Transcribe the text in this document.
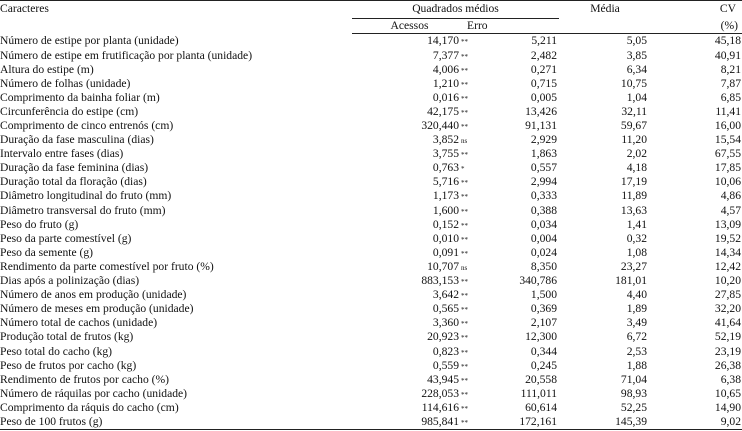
Caracteres	Quadrados médios		Média	CV
	Acessos	Erro		(%)
Número de estipe por planta (unidade)	14,170 **	5,211	5,05	45,18
Número de estipe em frutificação por planta (unidade)	7,377 **	2,482	3,85	40,91
Altura do estipe (m)	4,006 **	0,271	6,34	8,21
Número de folhas (unidade)	1,210 **	0,715	10,75	7,87
Comprimento da bainha foliar (m)	0,016 **	0,005	1,04	6,85
Circunferência do estipe (cm)	42,175 **	13,426	32,11	11,41
Comprimento de cinco entrenós (cm)	320,440 **	91,131	59,67	16,00
Duração da fase masculina (dias)	3,852 ns	2,929	11,20	15,54
Intervalo entre fases (dias)	3,755 **	1,863	2,02	67,55
Duração da fase feminina (dias)	0,763 *	0,557	4,18	17,85
Duração total da floração (dias)	5,716 **	2,994	17,19	10,06
Diâmetro longitudinal do fruto (mm)	1,173 **	0,333	11,89	4,86
Diâmetro transversal do fruto (mm)	1,600 **	0,388	13,63	4,57
Peso do fruto (g)	0,152 **	0,034	1,41	13,09
Peso da parte comestível (g)	0,010 **	0,004	0,32	19,52
Peso da semente (g)	0,091 **	0,024	1,08	14,34
Rendimento da parte comestível por fruto (%)	10,707 ns	8,350	23,27	12,42
Dias após a polinização (dias)	883,153 **	340,786	181,01	10,20
Número de anos em produção (unidade)	3,642 **	1,500	4,40	27,85
Número de meses em produção (unidade)	0,565 **	0,369	1,89	32,20
Número total de cachos (unidade)	3,360 **	2,107	3,49	41,64
Produção total de frutos (kg)	20,923 **	12,300	6,72	52,19
Peso total do cacho (kg)	0,823 **	0,344	2,53	23,19
Peso de frutos por cacho (kg)	0,559 **	0,245	1,88	26,38
Rendimento de frutos por cacho (%)	43,945 **	20,558	71,04	6,38
Número de ráquilas por cacho (unidade)	228,053 **	111,011	98,93	10,65
Comprimento da ráquis do cacho (cm)	114,616 **	60,614	52,25	14,90
Peso de 100 frutos (g)	985,841 **	172,161	145,39	9,02
